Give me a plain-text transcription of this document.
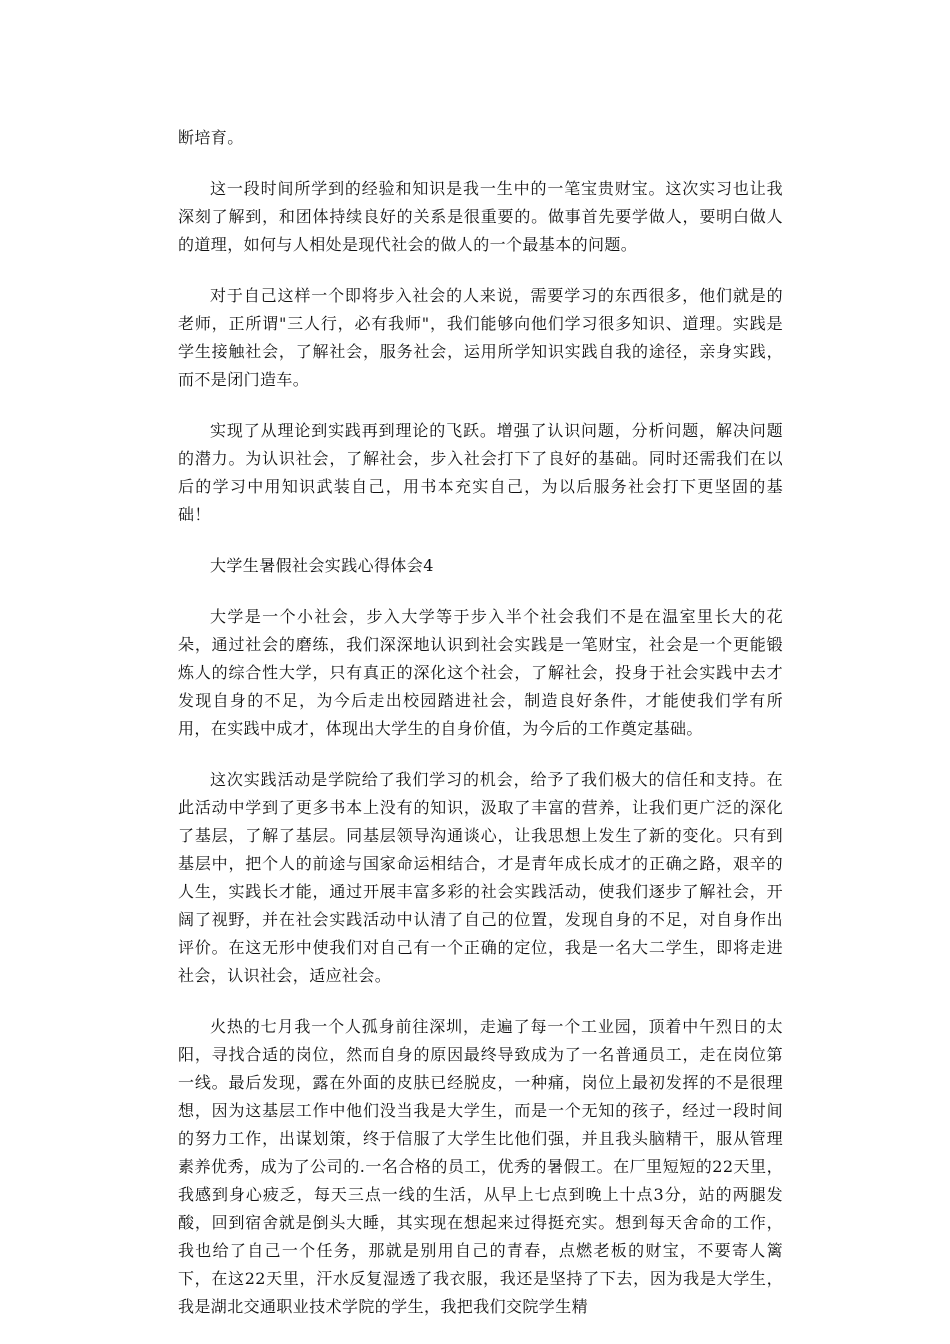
断培育。

这一段时间所学到的经验和知识是我一生中的一笔宝贵财宝。这次实习也让我深刻了解到，和团体持续良好的关系是很重要的。做事首先要学做人，要明白做人的道理，如何与人相处是现代社会的做人的一个最基本的问题。

对于自己这样一个即将步入社会的人来说，需要学习的东西很多，他们就是的老师，正所谓"三人行，必有我师"，我们能够向他们学习很多知识、道理。实践是学生接触社会，了解社会，服务社会，运用所学知识实践自我的途径，亲身实践，而不是闭门造车。

实现了从理论到实践再到理论的飞跃。增强了认识问题，分析问题，解决问题的潜力。为认识社会，了解社会，步入社会打下了良好的基础。同时还需我们在以后的学习中用知识武装自己，用书本充实自己，为以后服务社会打下更坚固的基础！

大学生暑假社会实践心得体会4

大学是一个小社会，步入大学等于步入半个社会我们不是在温室里长大的花朵，通过社会的磨练，我们深深地认识到社会实践是一笔财宝，社会是一个更能锻炼人的综合性大学，只有真正的深化这个社会，了解社会，投身于社会实践中去才发现自身的不足，为今后走出校园踏进社会，制造良好条件，才能使我们学有所用，在实践中成才，体现出大学生的自身价值，为今后的工作奠定基础。

这次实践活动是学院给了我们学习的机会，给予了我们极大的信任和支持。在此活动中学到了更多书本上没有的知识，汲取了丰富的营养，让我们更广泛的深化了基层，了解了基层。同基层领导沟通谈心，让我思想上发生了新的变化。只有到基层中，把个人的前途与国家命运相结合，才是青年成长成才的正确之路，艰辛的人生，实践长才能，通过开展丰富多彩的社会实践活动，使我们逐步了解社会，开阔了视野，并在社会实践活动中认清了自己的位置，发现自身的不足，对自身作出评价。在这无形中使我们对自己有一个正确的定位，我是一名大二学生，即将走进社会，认识社会，适应社会。

火热的七月我一个人孤身前往深圳，走遍了每一个工业园，顶着中午烈日的太阳，寻找合适的岗位，然而自身的原因最终导致成为了一名普通员工，走在岗位第一线。最后发现，露在外面的皮肤已经脱皮，一种痛，岗位上最初发挥的不是很理想，因为这基层工作中他们没当我是大学生，而是一个无知的孩子，经过一段时间的努力工作，出谋划策，终于信服了大学生比他们强，并且我头脑精干，服从管理素养优秀，成为了公司的.一名合格的员工，优秀的暑假工。在厂里短短的22天里，我感到身心疲乏，每天三点一线的生活，从早上七点到晚上十点3分，站的两腿发酸，回到宿舍就是倒头大睡，其实现在想起来过得挺充实。想到每天舍命的工作，我也给了自己一个任务，那就是别用自己的青春，点燃老板的财宝，不要寄人篱下，在这22天里，汗水反复湿透了我衣服，我还是坚持了下去，因为我是大学生，我是湖北交通职业技术学院的学生，我把我们交院学生精
